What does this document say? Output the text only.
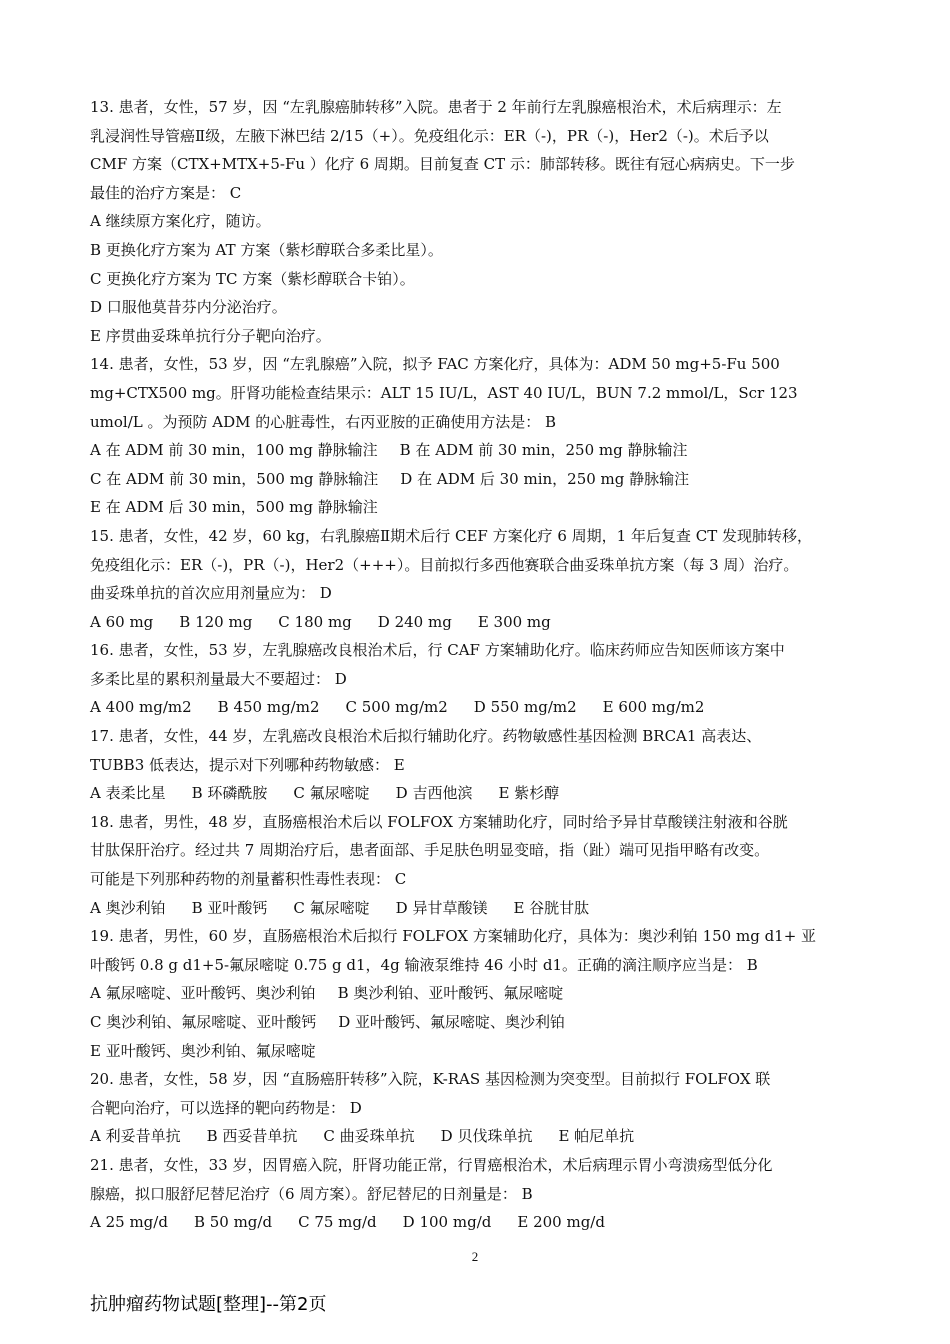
13. 患者，女性，57 岁，因 “左乳腺癌肺转移”入院。患者于 2 年前行左乳腺癌根治术，术后病理示：左
乳浸润性导管癌Ⅱ级，左腋下淋巴结 2/15（+）。免疫组化示：ER（-)，PR（-)，Her2（-)。术后予以
CMF 方案（CTX+MTX+5-Fu ）化疗 6 周期。目前复查 CT 示：肺部转移。既往有冠心病病史。下一步
最佳的治疗方案是： C
A 继续原方案化疗，随访。
B 更换化疗方案为 AT 方案（紫杉醇联合多柔比星）。
C 更换化疗方案为 TC 方案（紫杉醇联合卡铂）。
D 口服他莫昔芬内分泌治疗。
E 序贯曲妥珠单抗行分子靶向治疗。
14. 患者，女性，53 岁，因 “左乳腺癌”入院，拟予 FAC 方案化疗，具体为：ADM 50 mg+5-Fu 500
mg+CTX500 mg。肝肾功能检查结果示：ALT 15 IU/L，AST 40 IU/L，BUN 7.2 mmol/L，Scr 123
umol/L 。为预防 ADM 的心脏毒性，右丙亚胺的正确使用方法是： B
A 在 ADM 前 30 min，100 mg 静脉输注 B 在 ADM 前 30 min，250 mg 静脉输注
C 在 ADM 前 30 min，500 mg 静脉输注 D 在 ADM 后 30 min，250 mg 静脉输注
E 在 ADM 后 30 min，500 mg 静脉输注
15. 患者，女性，42 岁，60 kg，右乳腺癌Ⅱ期术后行 CEF 方案化疗 6 周期，1 年后复查 CT 发现肺转移，
免疫组化示：ER（-)，PR（-)，Her2（+++）。目前拟行多西他赛联合曲妥珠单抗方案（每 3 周）治疗。
曲妥珠单抗的首次应用剂量应为： D
A 60 mg B 120 mg C 180 mg D 240 mg E 300 mg
16. 患者，女性，53 岁，左乳腺癌改良根治术后，行 CAF 方案辅助化疗。临床药师应告知医师该方案中
多柔比星的累积剂量最大不要超过： D
A 400 mg/m2 B 450 mg/m2 C 500 mg/m2 D 550 mg/m2 E 600 mg/m2
17. 患者，女性，44 岁，左乳癌改良根治术后拟行辅助化疗。药物敏感性基因检测 BRCA1 高表达、
TUBB3 低表达，提示对下列哪种药物敏感： E
A 表柔比星 B 环磷酰胺 C 氟尿嘧啶 D 吉西他滨 E 紫杉醇
18. 患者，男性，48 岁，直肠癌根治术后以 FOLFOX 方案辅助化疗，同时给予异甘草酸镁注射液和谷胱
甘肽保肝治疗。经过共 7 周期治疗后，患者面部、手足肤色明显变暗，指（趾）端可见指甲略有改变。
可能是下列那种药物的剂量蓄积性毒性表现： C
A 奥沙利铂 B 亚叶酸钙 C 氟尿嘧啶 D 异甘草酸镁 E 谷胱甘肽
19. 患者，男性，60 岁，直肠癌根治术后拟行 FOLFOX 方案辅助化疗，具体为：奥沙利铂 150 mg d1+ 亚
叶酸钙 0.8 g d1+5-氟尿嘧啶 0.75 g d1，4g 输液泵维持 46 小时 d1。正确的滴注顺序应当是： B
A 氟尿嘧啶、亚叶酸钙、奥沙利铂 B 奥沙利铂、亚叶酸钙、氟尿嘧啶
C 奥沙利铂、氟尿嘧啶、亚叶酸钙 D 亚叶酸钙、氟尿嘧啶、奥沙利铂
E 亚叶酸钙、奥沙利铂、氟尿嘧啶
20. 患者，女性，58 岁，因 “直肠癌肝转移”入院，K-RAS 基因检测为突变型。目前拟行 FOLFOX 联
合靶向治疗，可以选择的靶向药物是： D
A 利妥昔单抗 B 西妥昔单抗 C 曲妥珠单抗 D 贝伐珠单抗 E 帕尼单抗
21. 患者，女性，33 岁，因胃癌入院，肝肾功能正常，行胃癌根治术，术后病理示胃小弯溃疡型低分化
腺癌，拟口服舒尼替尼治疗（6 周方案）。舒尼替尼的日剂量是： B
A 25 mg/d B 50 mg/d C 75 mg/d D 100 mg/d E 200 mg/d
2
抗肿瘤药物试题[整理]--第2页
